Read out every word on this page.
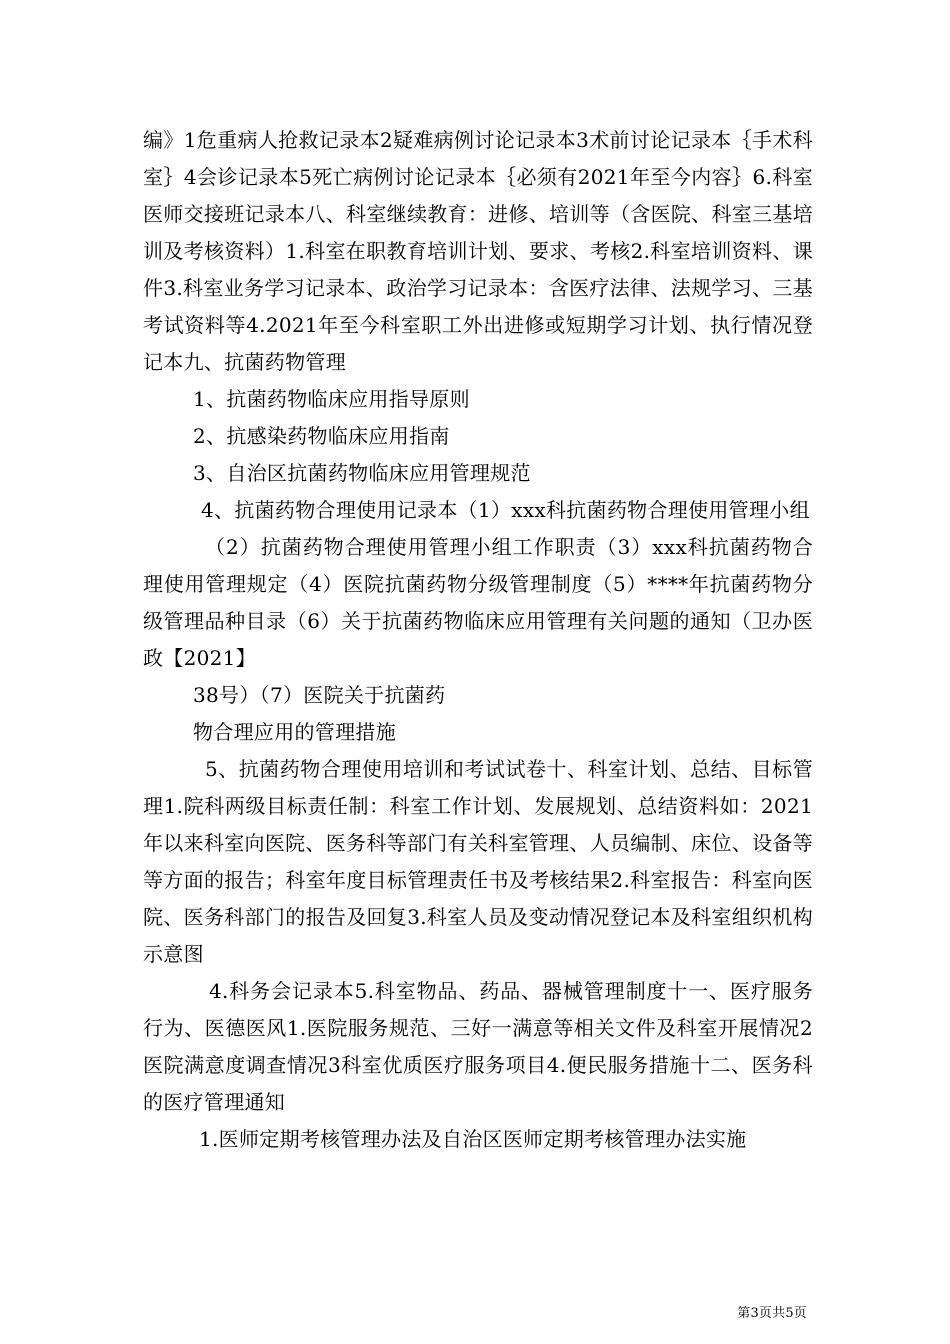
编》1危重病人抢救记录本2疑难病例讨论记录本3术前讨论记录本｛手术科室｝4会诊记录本5死亡病例讨论记录本｛必须有2021年至今内容｝6.科室医师交接班记录本八、科室继续教育：进修、培训等（含医院、科室三基培训及考核资料）1.科室在职教育培训计划、要求、考核2.科室培训资料、课件3.科室业务学习记录本、政治学习记录本：含医疗法律、法规学习、三基考试资料等4.2021年至今科室职工外出进修或短期学习计划、执行情况登记本九、抗菌药物管理

1、抗菌药物临床应用指导原则

2、抗感染药物临床应用指南

3、自治区抗菌药物临床应用管理规范

4、抗菌药物合理使用记录本（1）xxx科抗菌药物合理使用管理小组

（2）抗菌药物合理使用管理小组工作职责（3）xxx科抗菌药物合理使用管理规定（4）医院抗菌药物分级管理制度（5）****年抗菌药物分级管理品种目录（6）关于抗菌药物临床应用管理有关问题的通知（卫办医政【2021】

38号）（7）医院关于抗菌药

物合理应用的管理措施

5、抗菌药物合理使用培训和考试试卷十、科室计划、总结、目标管理1.院科两级目标责任制：科室工作计划、发展规划、总结资料如：2021年以来科室向医院、医务科等部门有关科室管理、人员编制、床位、设备等等方面的报告；科室年度目标管理责任书及考核结果2.科室报告：科室向医院、医务科部门的报告及回复3.科室人员及变动情况登记本及科室组织机构示意图

4.科务会记录本5.科室物品、药品、器械管理制度十一、医疗服务行为、医德医风1.医院服务规范、三好一满意等相关文件及科室开展情况2医院满意度调查情况3科室优质医疗服务项目4.便民服务措施十二、医务科的医疗管理通知

1.医师定期考核管理办法及自治区医师定期考核管理办法实施

第3页共5页
